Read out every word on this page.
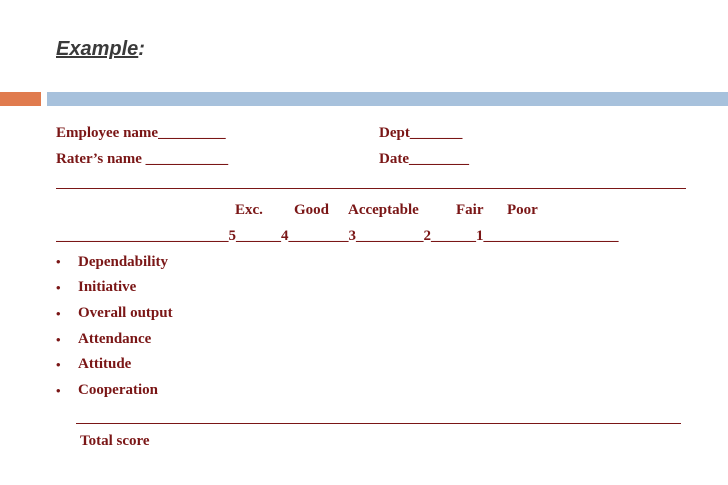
Example:
Employee name_________	Dept_______
Rater’s name ___________	Date________
Exc. Good Acceptable Fair Poor
_______________________5______4________3_________2______1__________________
• Dependability
• Initiative
• Overall output
• Attendance
• Attitude
• Cooperation
Total score
